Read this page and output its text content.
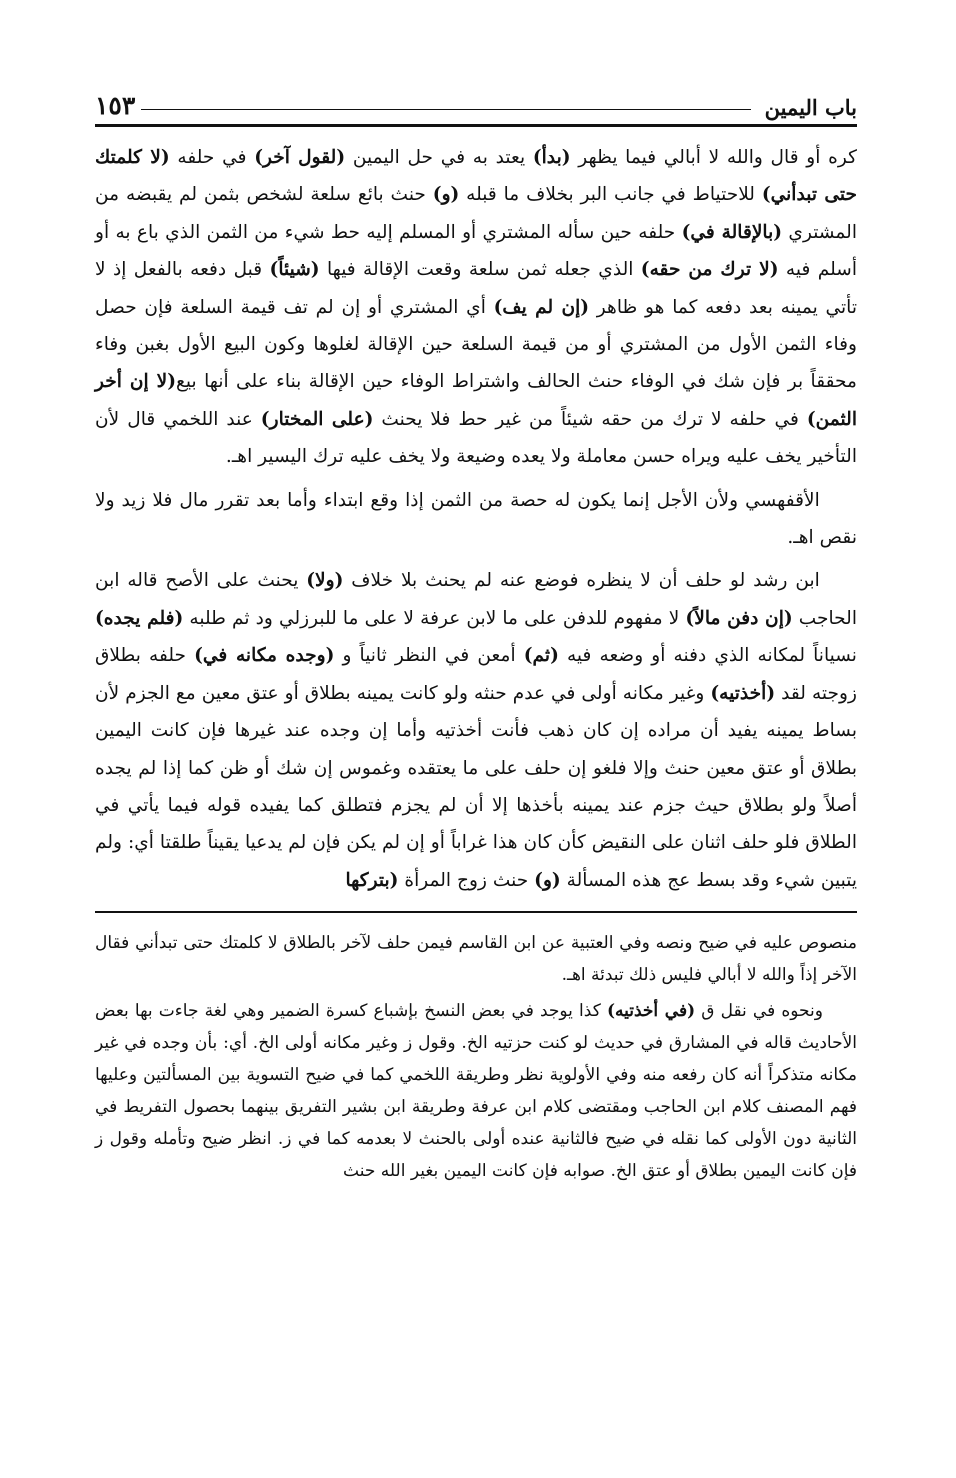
باب اليمين
١٥٣

كره أو قال والله لا أبالي فيما يظهر (بدأ) يعتد به في حل اليمين (لقول آخر) في حلفه (لا كلمتك حتى تبدأني) للاحتياط في جانب البر بخلاف ما قبله (و) حنث بائع سلعة لشخص بثمن لم يقبضه من المشتري (بالإقالة في) حلفه حين سأله المشتري أو المسلم إليه حط شيء من الثمن الذي باع به أو أسلم فيه (لا ترك من حقه) الذي جعله ثمن سلعة وقعت الإقالة فيها (شيئاً) قبل دفعه بالفعل إذ لا تأتي يمينه بعد دفعه كما هو ظاهر (إن لم يف) أي المشتري أو إن لم تف قيمة السلعة فإن حصل وفاء الثمن الأول من المشتري أو من قيمة السلعة حين الإقالة لغلوها وكون البيع الأول بغبن وفاء محققاً بر فإن شك في الوفاء حنث الحالف واشتراط الوفاء حين الإقالة بناء على أنها بيع(لا إن أخر الثمن) في حلفه لا ترك من حقه شيئاً من غير حط فلا يحنث (على المختار) عند اللخمي قال لأن التأخير يخف عليه ويراه حسن معاملة ولا يعده وضيعة ولا يخف عليه ترك اليسير اهـ.

الأقفهسي ولأن الأجل إنما يكون له حصة من الثمن إذا وقع ابتداء وأما بعد تقرر مال فلا زيد ولا نقص اهـ.

ابن رشد لو حلف أن لا ينظره فوضع عنه لم يحنث بلا خلاف (ولا) يحنث على الأصح قاله ابن الحاجب (إن دفن مالاً) لا مفهوم للدفن على ما لابن عرفة لا على ما للبرزلي ود ثم طلبه (فلم يجده) نسياناً لمكانه الذي دفنه أو وضعه فيه (ثم) أمعن في النظر ثانياً و (وجده مكانه في) حلفه بطلاق زوجته لقد (أخذتيه) وغير مكانه أولى في عدم حنثه ولو كانت يمينه بطلاق أو عتق معين مع الجزم لأن بساط يمينه يفيد أن مراده إن كان ذهب فأنت أخذتيه وأما إن وجده عند غيرها فإن كانت اليمين بطلاق أو عتق معين حنث وإلا فلغو إن حلف على ما يعتقده وغموس إن شك أو ظن كما إذا لم يجده أصلاً ولو بطلاق حيث جزم عند يمينه بأخذها إلا أن لم يجزم فتطلق كما يفيده قوله فيما يأتي في الطلاق فلو حلف اثنان على النقيض كأن كان هذا غراباً أو إن لم يكن فإن لم يدعيا يقيناً طلقتا أي: ولم يتبين شيء وقد بسط عج هذه المسألة (و) حنث زوج المرأة (بتركها

منصوص عليه في ضيح ونصه وفي العتبية عن ابن القاسم فيمن حلف لآخر بالطلاق لا كلمتك حتى تبدأني فقال الآخر إذاً والله لا أبالي فليس ذلك تبدئة اهـ.

ونحوه في نقل ق (في أخذتيه) كذا يوجد في بعض النسخ بإشباع كسرة الضمير وهي لغة جاءت بها بعض الأحاديث قاله في المشارق في حديث لو كنت حزتيه الخ. وقول ز وغير مكانه أولى الخ. أي: بأن وجده في غير مكانه متذكراً أنه كان رفعه منه وفي الأولوية نظر وطريقة اللخمي كما في ضيح التسوية بين المسألتين وعليها فهم المصنف كلام ابن الحاجب ومقتضى كلام ابن عرفة وطريقة ابن بشير التفريق بينهما بحصول التفريط في الثانية دون الأولى كما نقله في ضيح فالثانية عنده أولى بالحنث لا بعدمه كما في ز. انظر ضيح وتأمله وقول ز فإن كانت اليمين بطلاق أو عتق الخ. صوابه فإن كانت اليمين بغير الله حنث
